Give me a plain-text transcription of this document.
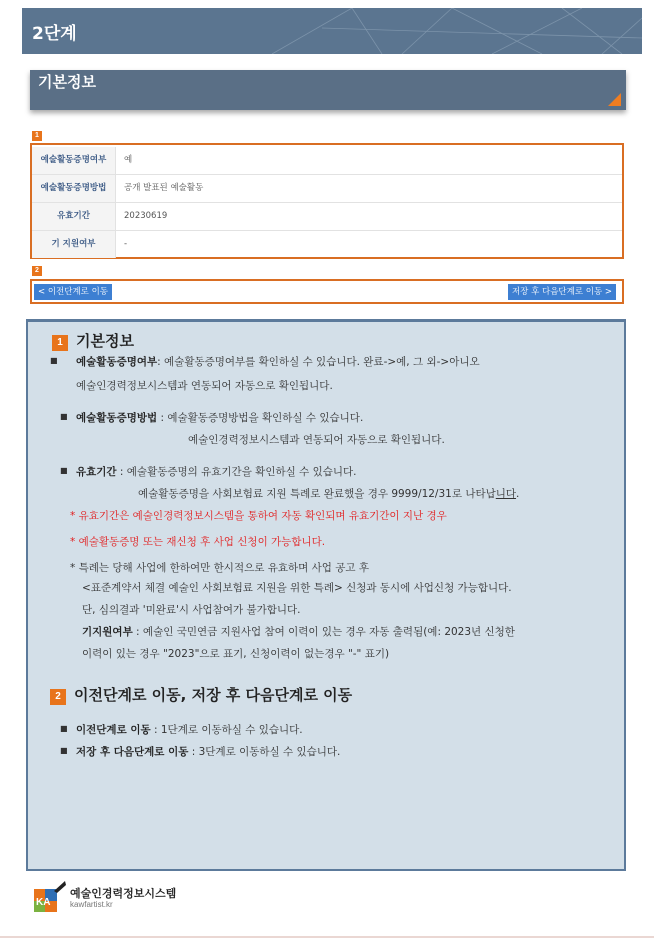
2단계
기본정보
1
예술활동증명여부	예
예술활동증명방법	공개 발표된 예술활동
유효기간	20230619
기 지원여부	-
2
< 이전단계로 이동	저장 후 다음단계로 이동 >
1 기본정보
■ 예술활동증명여부: 예술활동증명여부를 확인하실 수 있습니다. 완료->예, 그 외->아니오
예술인경력정보시스템과 연동되어 자동으로 확인됩니다.
■ 예술활동증명방법 : 예술활동증명방법을 확인하실 수 있습니다.
예술인경력정보시스템과 연동되어 자동으로 확인됩니다.
■ 유효기간 : 예술활동증명의 유효기간을 확인하실 수 있습니다.
예술활동증명을 사회보험료 지원 특례로 완료했을 경우 9999/12/31로 나타납니다.
* 유효기간은 예술인경력정보시스템을 통하여 자동 확인되며 유효기간이 지난 경우
* 예술활동증명 또는 재신청 후 사업 신청이 가능합니다.
* 특례는 당해 사업에 한하여만 한시적으로 유효하며 사업 공고 후
<표준계약서 체결 예술인 사회보험료 지원을 위한 특례> 신청과 동시에 사업신청 가능합니다.
단, 심의결과 '미완료'시 사업참여가 불가합니다.
기지원여부 : 예술인 국민연금 지원사업 참여 이력이 있는 경우 자동 출력됨(예: 2023년 신청한
이력이 있는 경우 "2023"으로 표기, 신청이력이 없는경우 "-" 표기)
2 이전단계로 이동, 저장 후 다음단계로 이동
■ 이전단계로 이동 : 1단계로 이동하실 수 있습니다.
■ 저장 후 다음단계로 이동 : 3단계로 이동하실 수 있습니다.
KA
예술인경력정보시스템
kawfartist.kr
